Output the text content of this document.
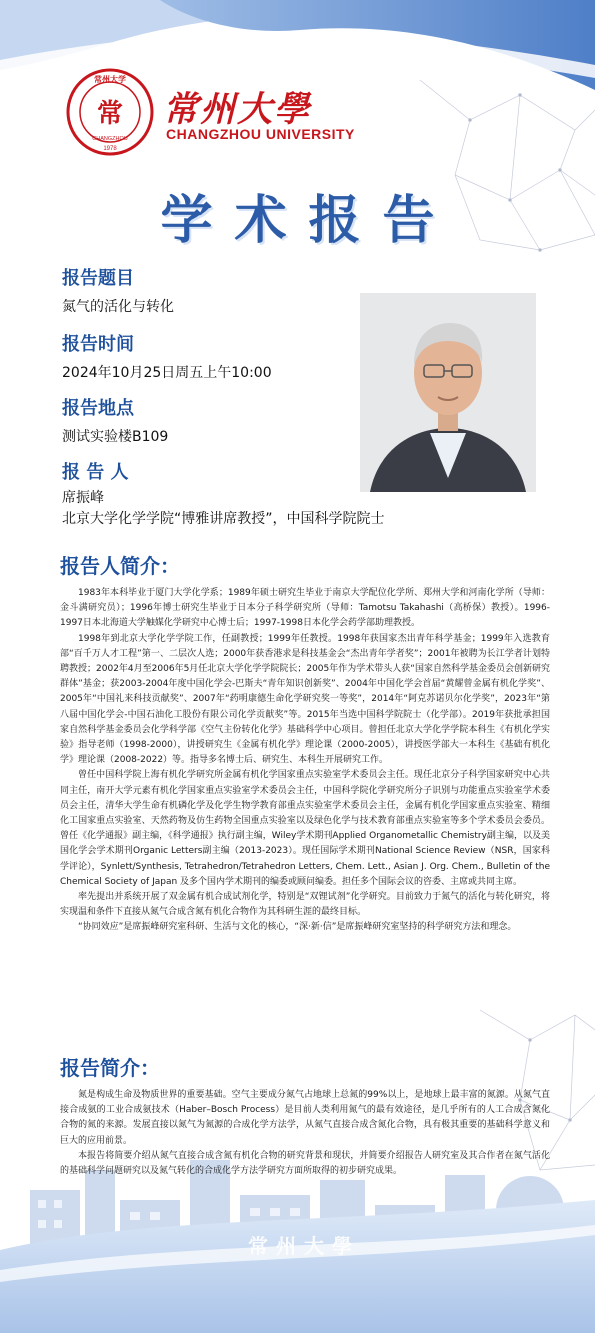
常州大学
常
CHANGZHOU
1978
常州大學
CHANGZHOU UNIVERSITY
学术报告
报告题目
氮气的活化与转化
报告时间
2024年10月25日周五上午10:00
报告地点
测试实验楼B109
报 告 人
席振峰
北京大学化学学院“博雅讲席教授”，中国科学院院士
报告人简介：

1983年本科毕业于厦门大学化学系；1989年硕士研究生毕业于南京大学配位化学所、郑州大学和河南化学所（导师：金斗满研究员）；1996年博士研究生毕业于日本分子科学研究所（导师：Tamotsu Takahashi（高桥保）教授）。1996-1997日本北海道大学触媒化学研究中心博士后；1997-1998日本化学会药学部助理教授。

1998年到北京大学化学学院工作，任副教授；1999年任教授。1998年获国家杰出青年科学基金；1999年入选教育部“百千万人才工程”第一、二层次人选；2000年获香港求是科技基金会“杰出青年学者奖”；2001年被聘为长江学者计划特聘教授；2002年4月至2006年5月任北京大学化学学院院长；2005年作为学术带头人获“国家自然科学基金委员会创新研究群体”基金；获2003-2004年度中国化学会-巴斯夫“青年知识创新奖”、2004年中国化学会首届“黄耀曾金属有机化学奖”、2005年“中国礼来科技贡献奖”、2007年“药明康德生命化学研究奖一等奖”，2014年“阿克苏诺贝尔化学奖”，2023年“第八届中国化学会-中国石油化工股份有限公司化学贡献奖”等。2015年当选中国科学院院士（化学部）。2019年获批承担国家自然科学基金委员会化学科学部《空气主份转化化学》基础科学中心项目。曾担任北京大学化学学院本科生《有机化学实验》指导老师（1998-2000），讲授研究生《金属有机化学》理论课（2000-2005），讲授医学部大一本科生《基础有机化学》理论课（2008-2022）等。指导多名博士后、研究生、本科生开展研究工作。

曾任中国科学院上海有机化学研究所金属有机化学国家重点实验室学术委员会主任。现任北京分子科学国家研究中心共同主任，南开大学元素有机化学国家重点实验室学术委员会主任，中国科学院化学研究所分子识别与功能重点实验室学术委员会主任，清华大学生命有机磷化学及化学生物学教育部重点实验室学术委员会主任，金属有机化学国家重点实验室、精细化工国家重点实验室、天然药物及仿生药物全国重点实验室以及绿色化学与技术教育部重点实验室等多个学术委员会委员。曾任《化学通报》副主编，《科学通报》执行副主编，Wiley学术期刊Applied Organometallic Chemistry副主编，以及美国化学会学术期刊Organic Letters副主编（2013-2023）。现任国际学术期刊National Science Review（NSR，国家科学评论），Synlett/Synthesis, Tetrahedron/Tetrahedron Letters, Chem. Lett., Asian J. Org. Chem., Bulletin of the Chemical Society of Japan 及多个国内学术期刊的编委或顾问编委。担任多个国际会议的咨委、主席或共同主席。

率先提出并系统开展了双金属有机合成试剂化学，特别是“双锂试剂”化学研究。目前致力于氮气的活化与转化研究，将实现温和条件下直接从氮气合成含氮有机化合物作为其科研生涯的最终目标。

“协同效应”是席振峰研究室科研、生活与文化的核心，“深·新·信”是席振峰研究室坚持的科学研究方法和理念。

报告简介：

氮是构成生命及物质世界的重要基础。空气主要成分氮气占地球上总氮的99%以上，是地球上最丰富的氮源。从氮气直接合成氨的工业合成氨技术（Haber–Bosch Process）是目前人类利用氮气的最有效途径，是几乎所有的人工合成含氮化合物的氮的来源。发展直接以氮气为氮源的合成化学方法学，从氮气直接合成含氮化合物，具有极其重要的基础科学意义和巨大的应用前景。

本报告将简要介绍从氮气直接合成含氮有机化合物的研究背景和现状，并简要介绍报告人研究室及其合作者在氮气活化的基础科学问题研究以及氮气转化的合成化学方法学研究方面所取得的初步研究成果。

常州大學
